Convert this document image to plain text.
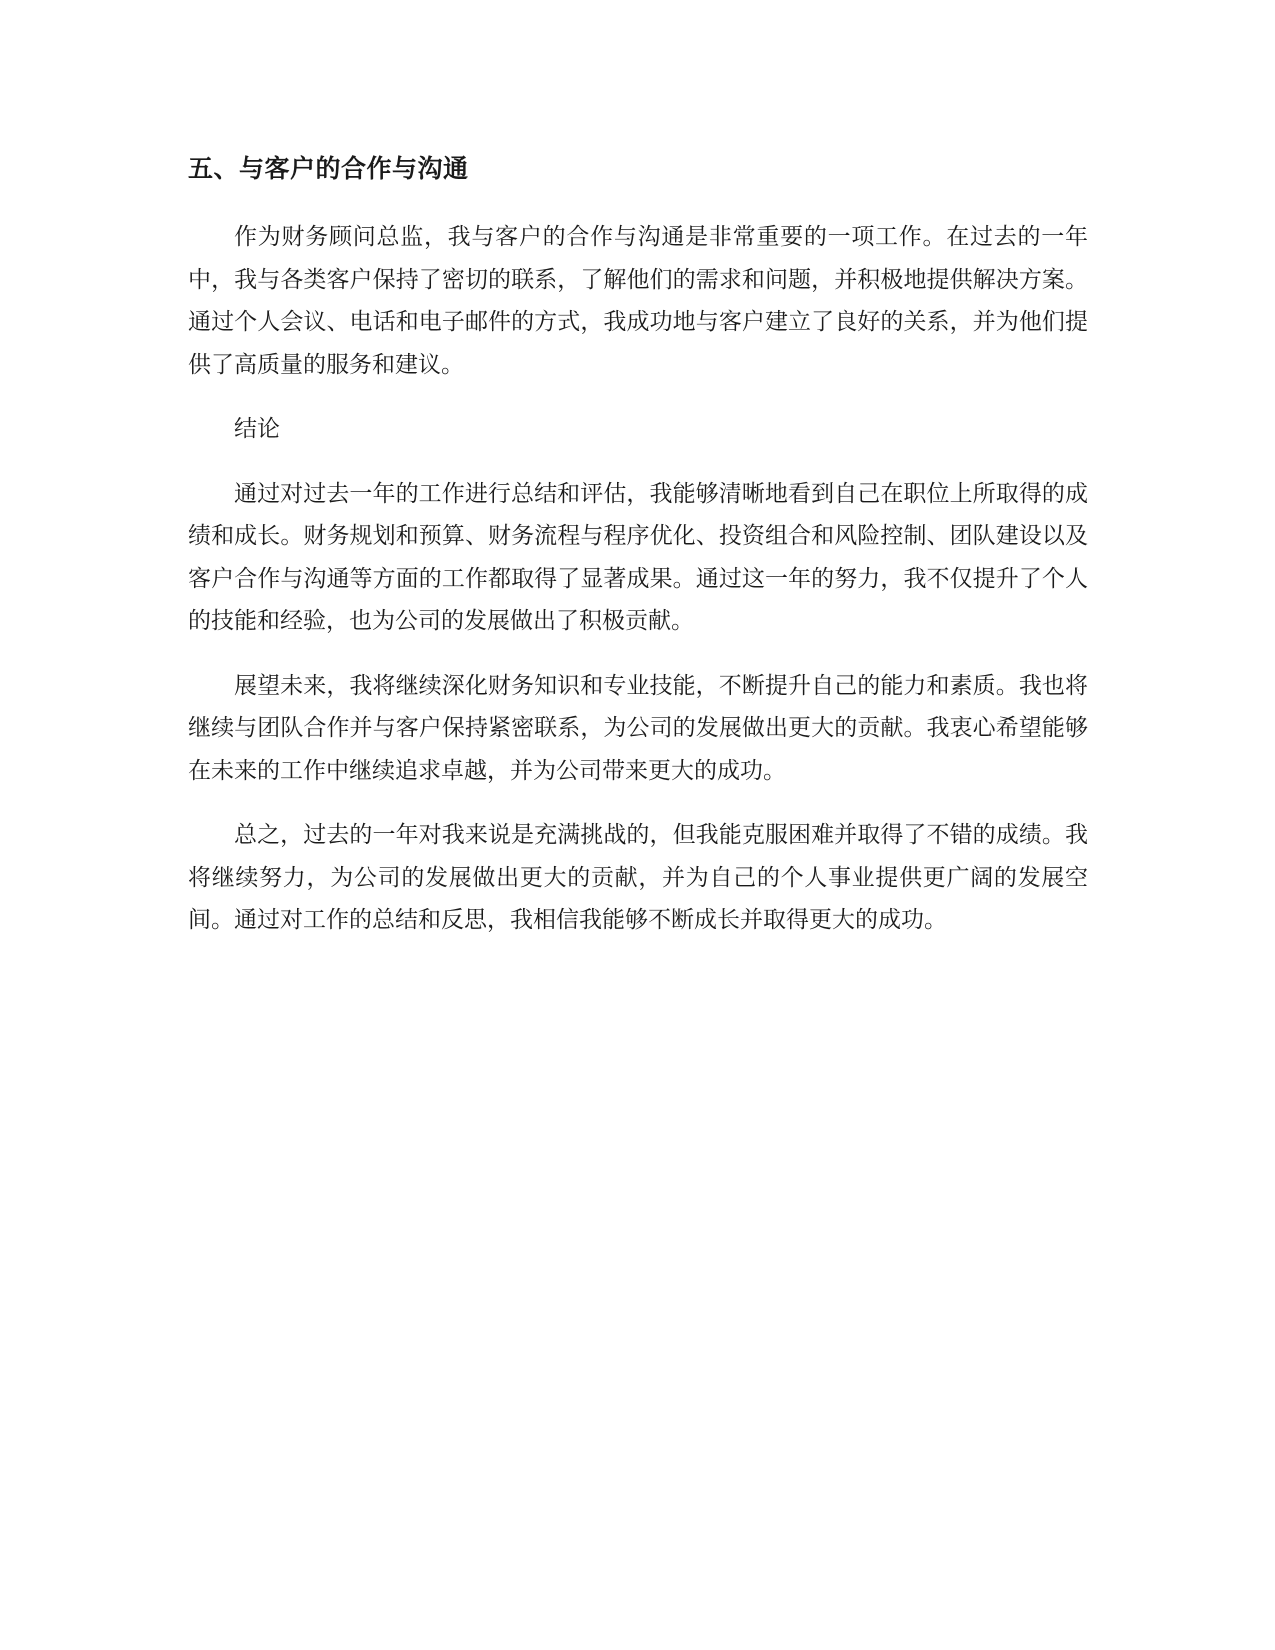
五、与客户的合作与沟通

作为财务顾问总监，我与客户的合作与沟通是非常重要的一项工作。在过去的一年中，我与各类客户保持了密切的联系，了解他们的需求和问题，并积极地提供解决方案。通过个人会议、电话和电子邮件的方式，我成功地与客户建立了良好的关系，并为他们提供了高质量的服务和建议。

结论

通过对过去一年的工作进行总结和评估，我能够清晰地看到自己在职位上所取得的成绩和成长。财务规划和预算、财务流程与程序优化、投资组合和风险控制、团队建设以及客户合作与沟通等方面的工作都取得了显著成果。通过这一年的努力，我不仅提升了个人的技能和经验，也为公司的发展做出了积极贡献。

展望未来，我将继续深化财务知识和专业技能，不断提升自己的能力和素质。我也将继续与团队合作并与客户保持紧密联系，为公司的发展做出更大的贡献。我衷心希望能够在未来的工作中继续追求卓越，并为公司带来更大的成功。

总之，过去的一年对我来说是充满挑战的，但我能克服困难并取得了不错的成绩。我将继续努力，为公司的发展做出更大的贡献，并为自己的个人事业提供更广阔的发展空间。通过对工作的总结和反思，我相信我能够不断成长并取得更大的成功。
